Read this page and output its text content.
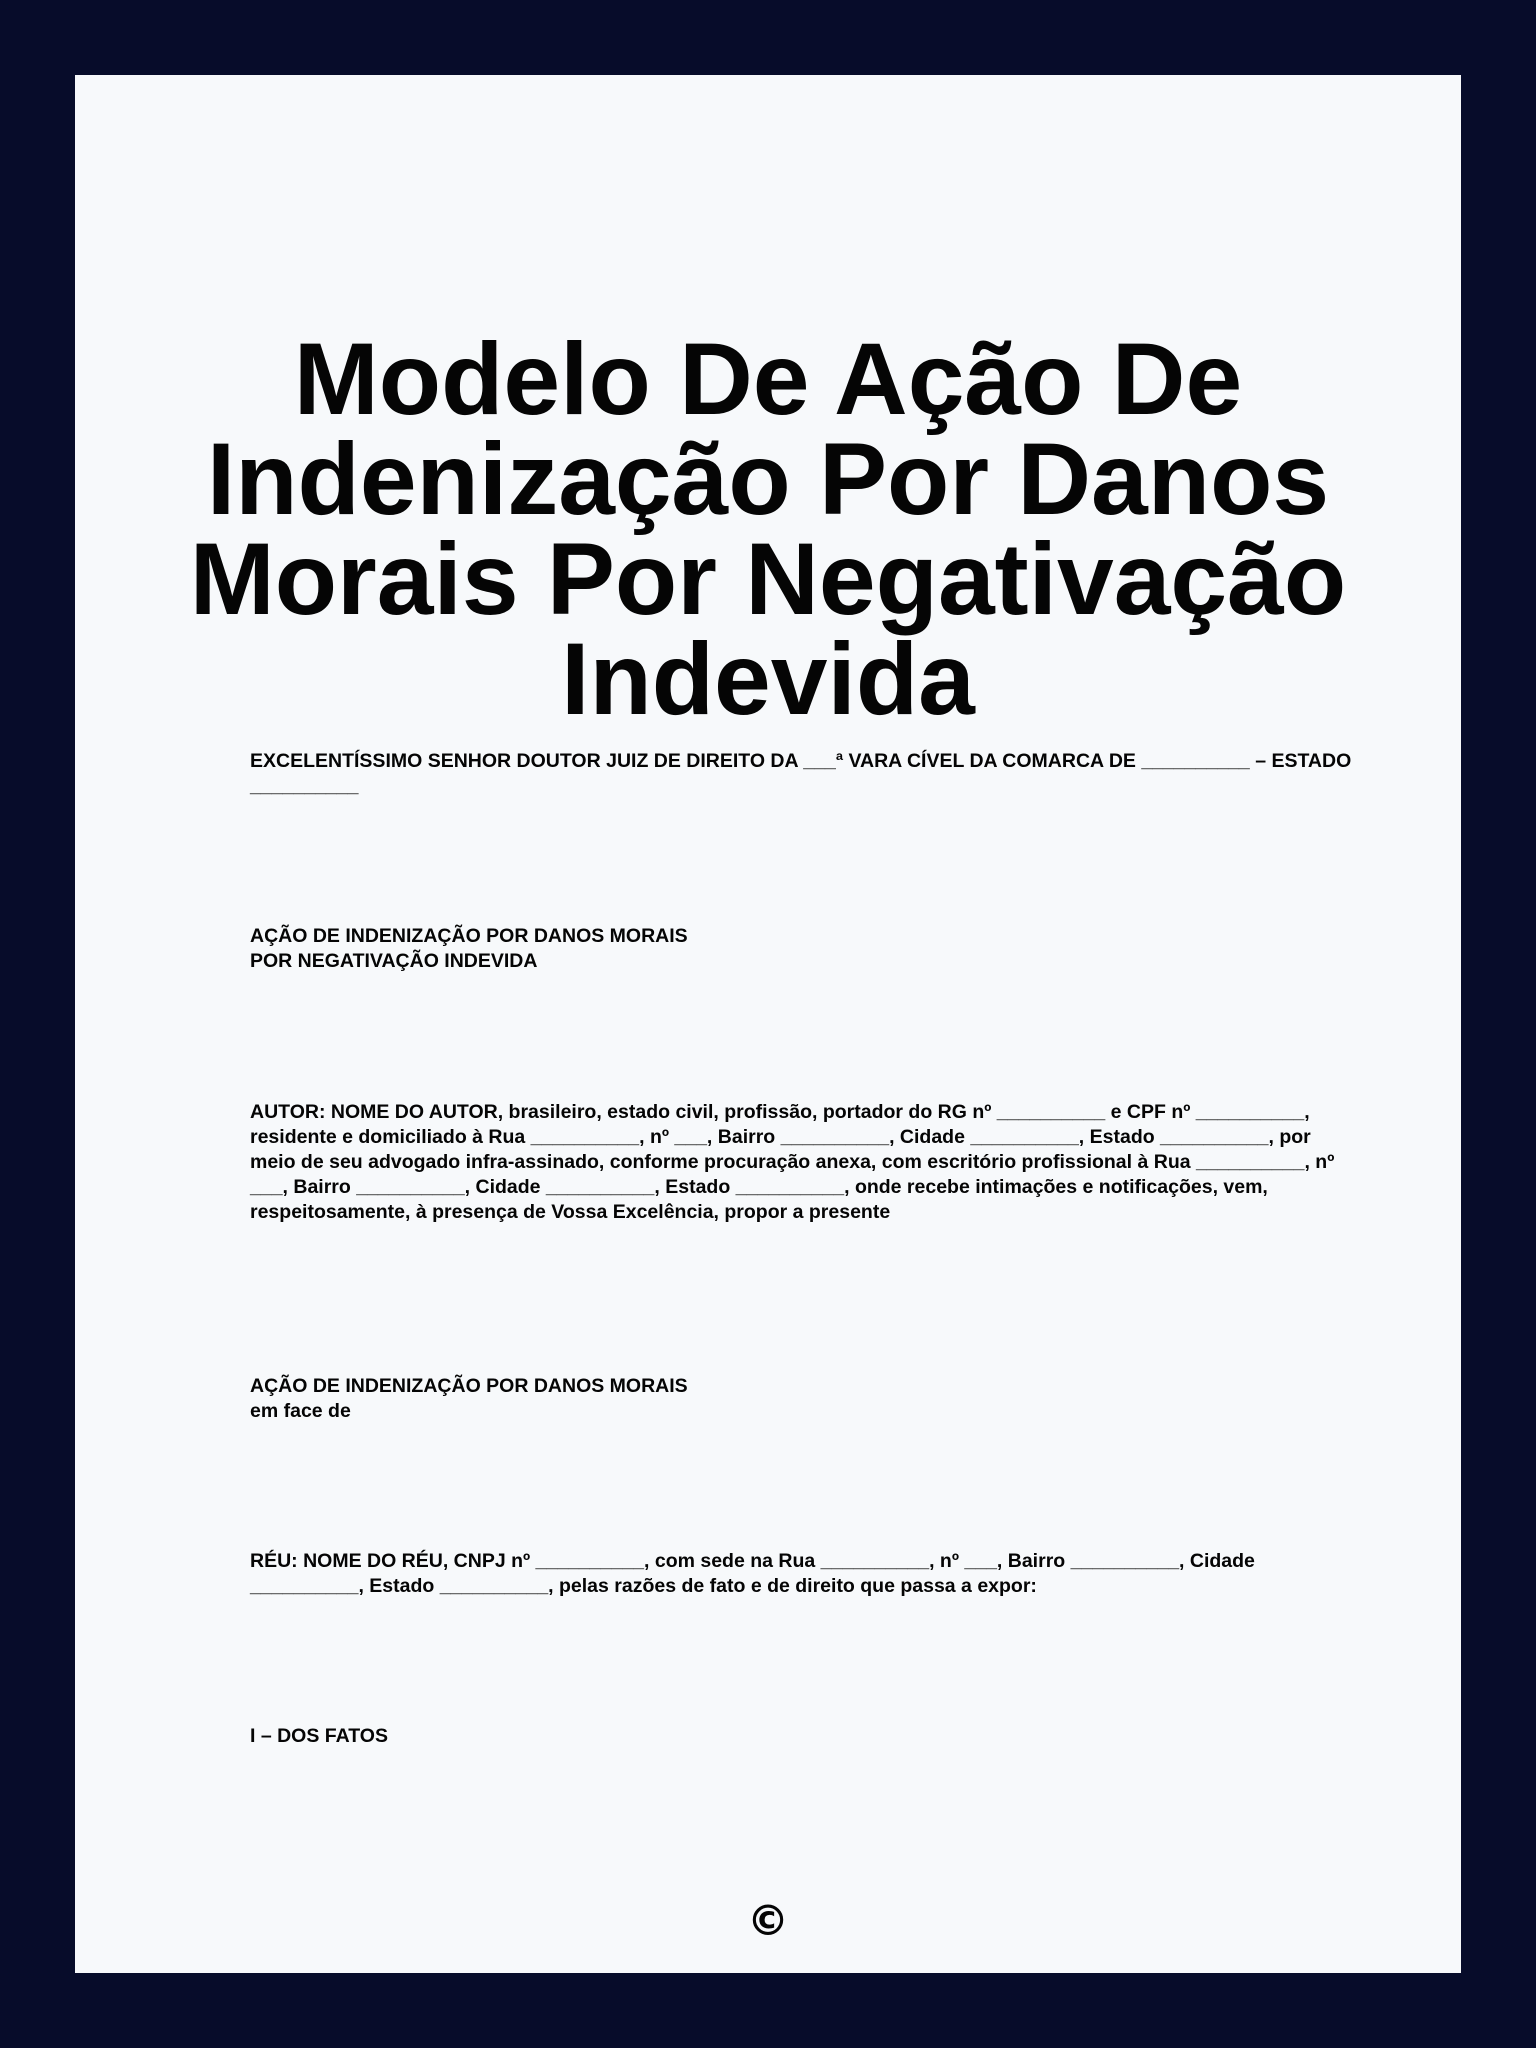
Modelo De Ação De Indenização Por Danos Morais Por Negativação Indevida

EXCELENTÍSSIMO SENHOR DOUTOR JUIZ DE DIREITO DA ___ª VARA CÍVEL DA COMARCA DE __________ – ESTADO __________

AÇÃO DE INDENIZAÇÃO POR DANOS MORAIS
POR NEGATIVAÇÃO INDEVIDA

AUTOR: NOME DO AUTOR, brasileiro, estado civil, profissão, portador do RG nº __________ e CPF nº __________, residente e domiciliado à Rua __________, nº ___, Bairro __________, Cidade __________, Estado __________, por meio de seu advogado infra-assinado, conforme procuração anexa, com escritório profissional à Rua __________, nº ___, Bairro __________, Cidade __________, Estado __________, onde recebe intimações e notificações, vem, respeitosamente, à presença de Vossa Excelência, propor a presente

AÇÃO DE INDENIZAÇÃO POR DANOS MORAIS
em face de

RÉU: NOME DO RÉU, CNPJ nº __________, com sede na Rua __________, nº ___, Bairro __________, Cidade __________, Estado __________, pelas razões de fato e de direito que passa a expor:

I – DOS FATOS

©
